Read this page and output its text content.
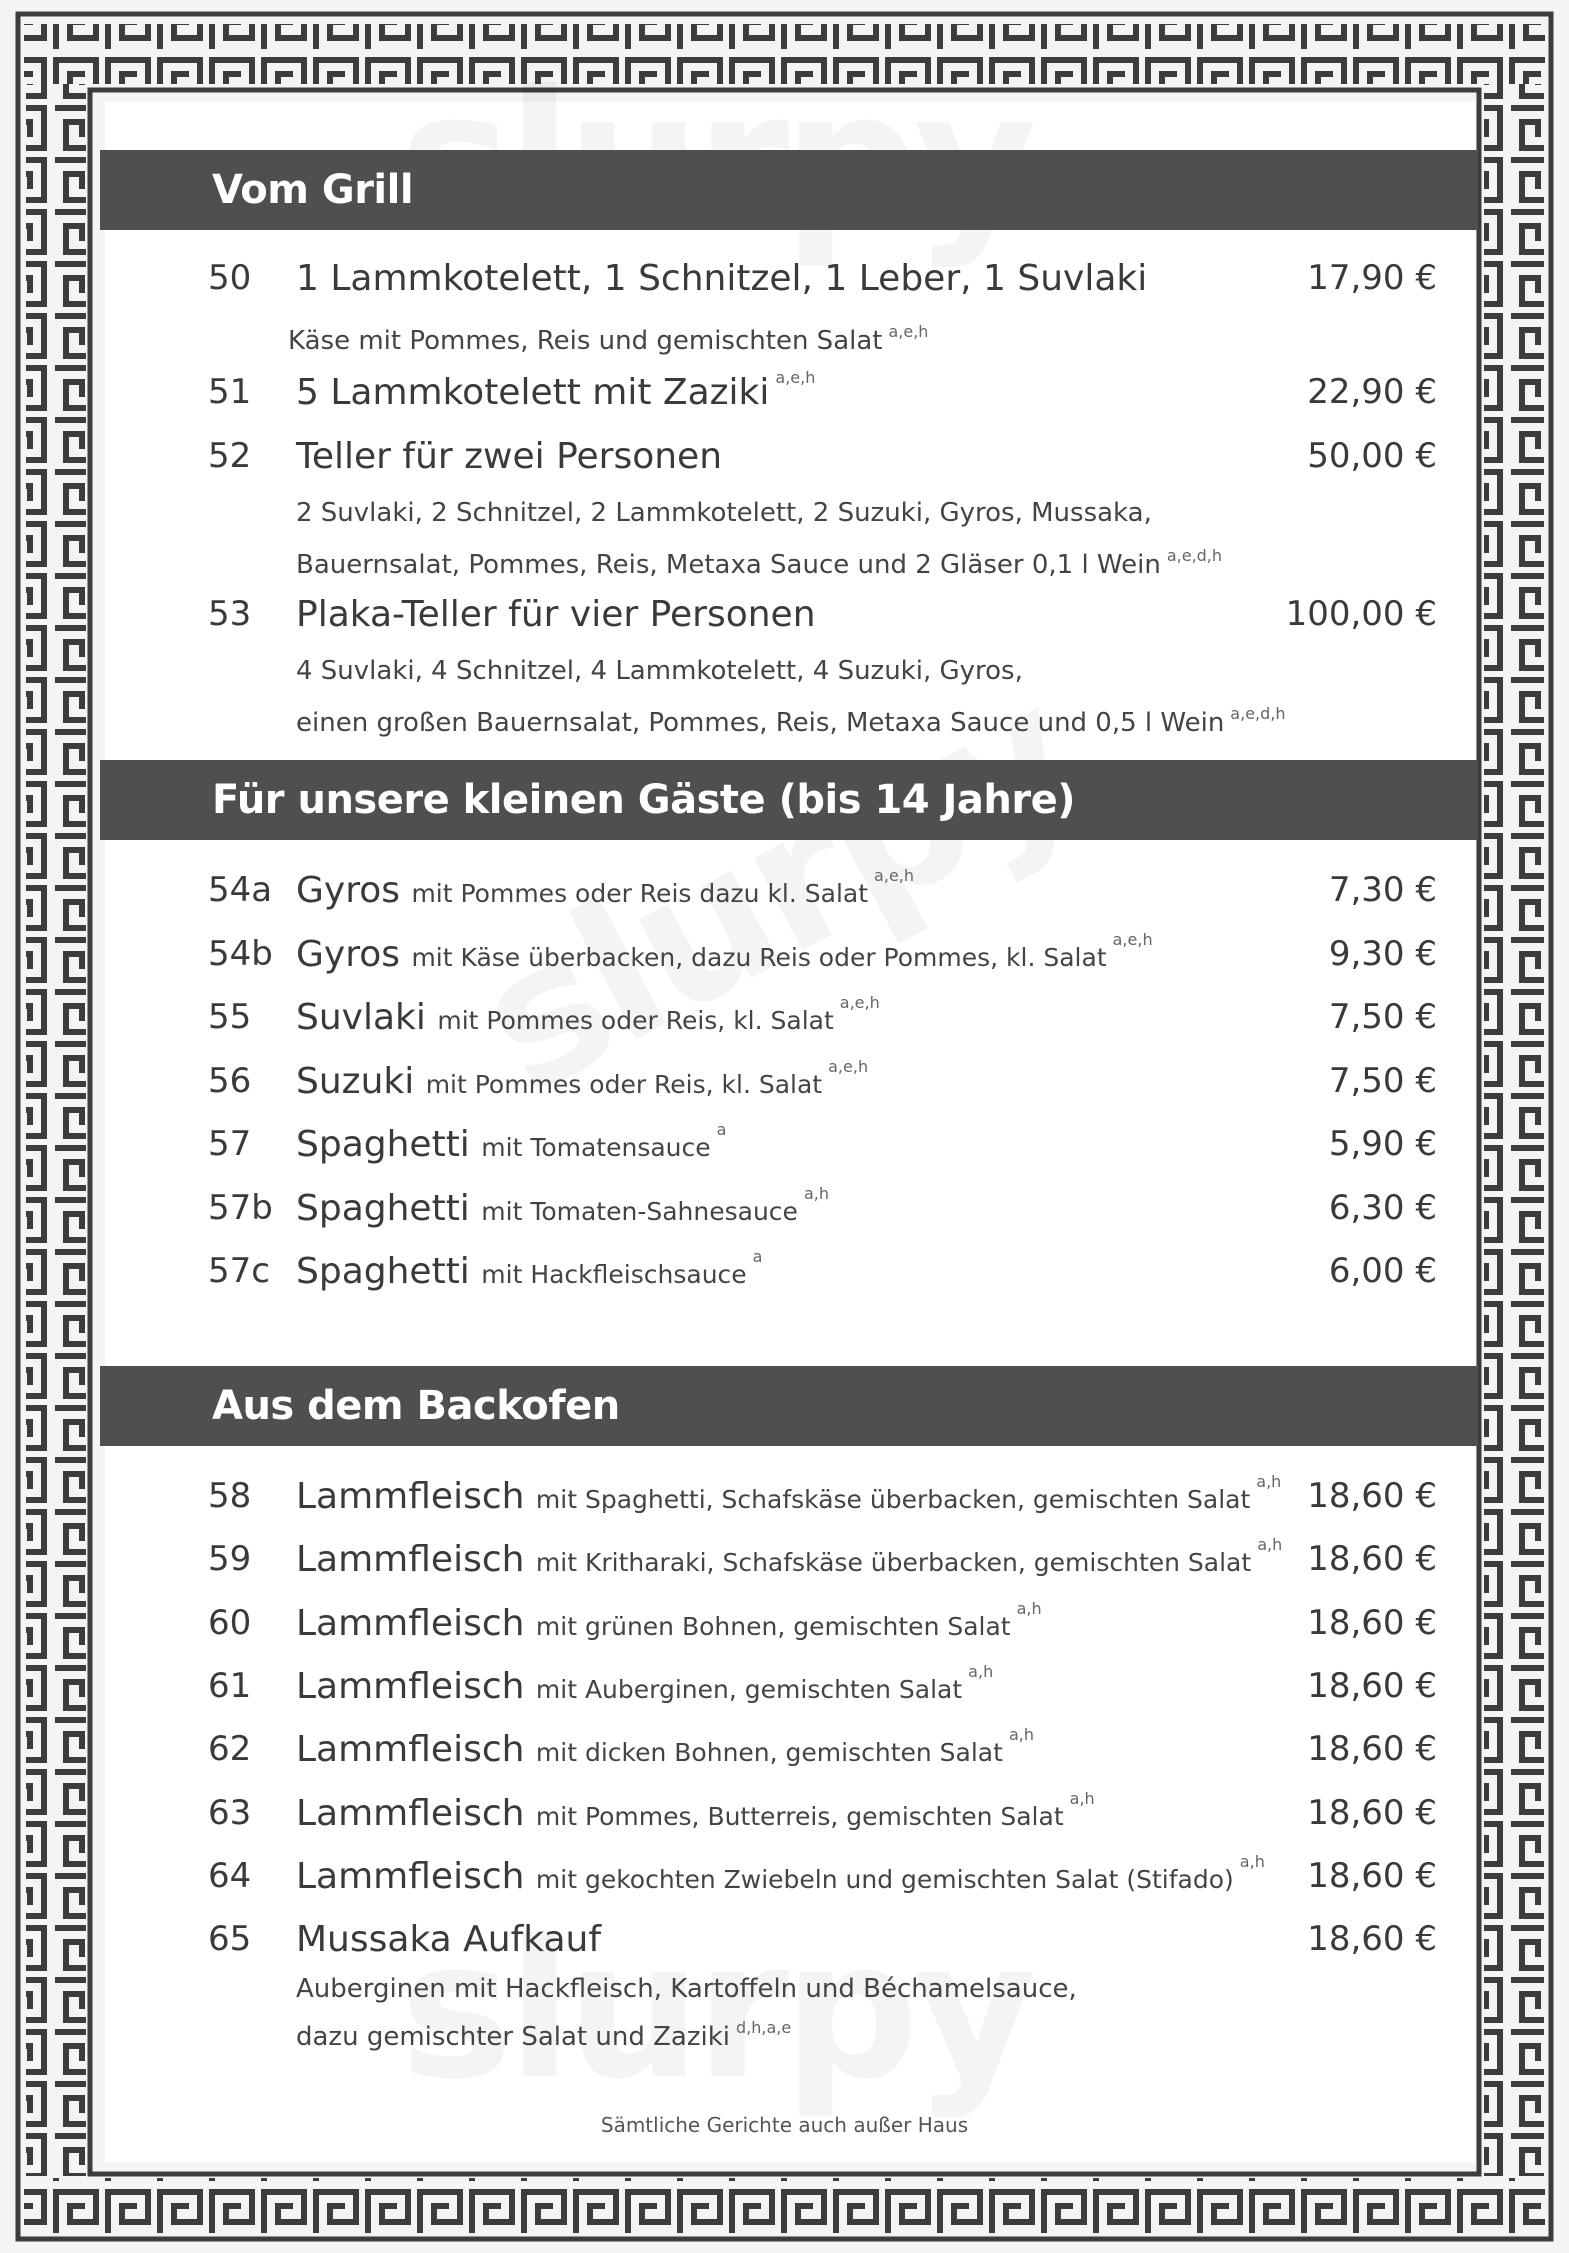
Vom Grill
50 1 Lammkotelett, 1 Schnitzel, 1 Leber, 1 Suvlaki	17,90 €
Käse mit Pommes, Reis und gemischten Salat $^{a,e,h}$
51 5 Lammkotelett mit Zaziki $^{a,e,h}$	22,90 €
52 Teller für zwei Personen	50,00 €
2 Suvlaki, 2 Schnitzel, 2 Lammkotelett, 2 Suzuki, Gyros, Mussaka,
Bauernsalat, Pommes, Reis, Metaxa Sauce und 2 Gläser 0,1 l Wein $^{a,e,d,h}$
53 Plaka-Teller für vier Personen	100,00 €
4 Suvlaki, 4 Schnitzel, 4 Lammkotelett, 4 Suzuki, Gyros,
einen großen Bauernsalat, Pommes, Reis, Metaxa Sauce und 0,5 l Wein $^{a,e,d,h}$
Für unsere kleinen Gäste (bis 14 Jahre)
54a Gyros mit Pommes oder Reis dazu kl. Salat$^{a,e,h}$	7,30 €
54b Gyros mit Käse überbacken, dazu Reis oder Pommes, kl. Salat$^{a,e,h}$	9,30 €
55 Suvlaki mit Pommes oder Reis, kl. Salat$^{a,e,h}$	7,50 €
56 Suzuki mit Pommes oder Reis, kl. Salat$^{a,e,h}$	7,50 €
57 Spaghetti mit Tomatensauce$^a$	5,90 €
57b Spaghetti mit Tomaten-Sahnesauce$^{a,h}$	6,30 €
57c Spaghetti mit Hackfleischsauce$^a$	6,00 €
Aus dem Backofen
58 Lammfleisch mit Spaghetti, Schafskäse überbacken, gemischten Salat$^{a,h}$ 18,60 €
59 Lammfleisch mit Kritharaki, Schafskäse überbacken, gemischten Salat$^{a,h}$ 18,60 €
60 Lammfleisch mit grünen Bohnen, gemischten Salat$^{a,h}$	18,60 €
61 Lammfleisch mit Auberginen, gemischten Salat$^{a,h}$	18,60 €
62 Lammfleisch mit dicken Bohnen, gemischten Salat$^{a,h}$	18,60 €
63 Lammfleisch mit Pommes, Butterreis, gemischten Salat$^{a,h}$	18,60 €
64 Lammfleisch mit gekochten Zwiebeln und gemischten Salat (Stifado)$^{a,h}$ 18,60 €
65 Mussaka Aufkauf	18,60 €
Auberginen mit Hackfleisch, Kartoffeln und Béchamelsauce,
dazu gemischter Salat und Zaziki $^{d,h,a,e}$
Sämtliche Gerichte auch außer Haus
